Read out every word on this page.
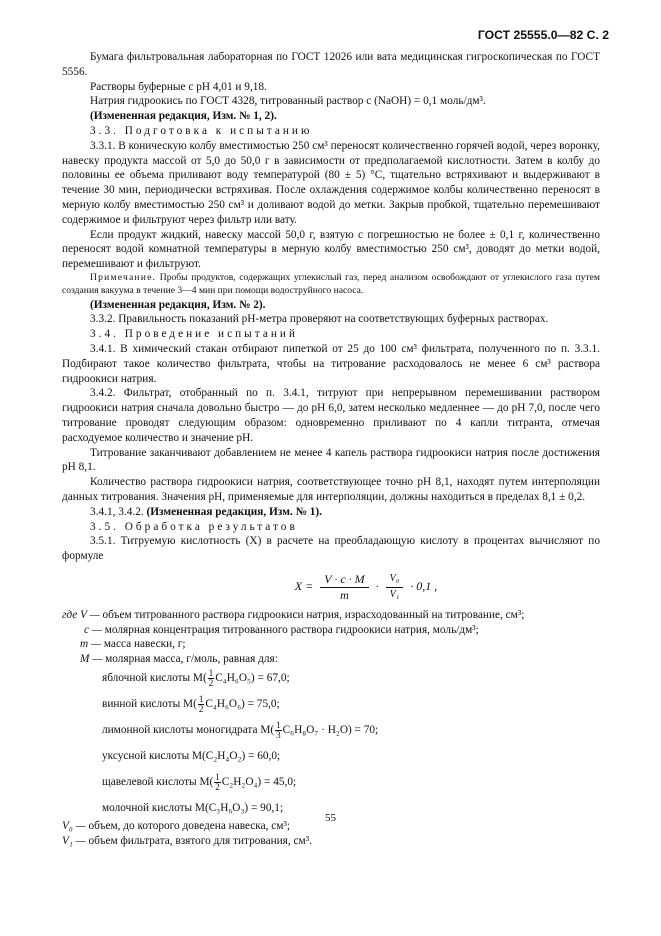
ГОСТ 25555.0—82 С. 2

Бумага фильтровальная лабораторная по ГОСТ 12026 или вата медицинская гигроскопическая по ГОСТ 5556.

Растворы буферные с pH 4,01 и 9,18.

Натрия гидроокись по ГОСТ 4328, титрованный раствор c (NaOH) = 0,1 моль/дм³.

(Измененная редакция, Изм. № 1, 2).

3.3. Подготовка к испытанию

3.3.1. В коническую колбу вместимостью 250 см³ переносят количественно горячей водой, через воронку, навеску продукта массой от 5,0 до 50,0 г в зависимости от предполагаемой кислотности. Затем в колбу до половины ее объема приливают воду температурой (80 ± 5) °C, тщательно встряхивают и выдерживают в течение 30 мин, периодически встряхивая. После охлаждения содержимое колбы количественно переносят в мерную колбу вместимостью 250 см³ и доливают водой до метки. Закрыв пробкой, тщательно перемешивают содержимое и фильтруют через фильтр или вату.

Если продукт жидкий, навеску массой 50,0 г, взятую с погрешностью не более ± 0,1 г, количественно переносят водой комнатной температуры в мерную колбу вместимостью 250 см³, доводят до метки водой, перемешивают и фильтруют.

Примечание. Пробы продуктов, содержащих углекислый газ, перед анализом освобождают от углекислого газа путем создания вакуума в течение 3—4 мин при помощи водоструйного насоса.

(Измененная редакция, Изм. № 2).

3.3.2. Правильность показаний pH-метра проверяют на соответствующих буферных растворах.

3.4. Проведение испытаний

3.4.1. В химический стакан отбирают пипеткой от 25 до 100 см³ фильтрата, полученного по п. 3.3.1. Подбирают такое количество фильтрата, чтобы на титрование расходовалось не менее 6 см³ раствора гидроокиси натрия.

3.4.2. Фильтрат, отобранный по п. 3.4.1, титруют при непрерывном перемешивании раствором гидроокиси натрия сначала довольно быстро — до pH 6,0, затем несколько медленнее — до pH 7,0, после чего титрование проводят следующим образом: одновременно приливают по 4 капли титранта, отмечая расходуемое количество и значение pH.

Титрование заканчивают добавлением не менее 4 капель раствора гидроокиси натрия после достижения pH 8,1.

Количество раствора гидроокиси натрия, соответствующее точно pH 8,1, находят путем интерполяции данных титрования. Значения pH, применяемые для интерполяции, должны находиться в пределах 8,1 ± 0,2.

3.4.1, 3.4.2. (Измененная редакция, Изм. № 1).

3.5. Обработка результатов

3.5.1. Титруемую кислотность (X) в расчете на преобладающую кислоту в процентах вычисляют по формуле

$X = \frac{V \cdot c \cdot M}{m} \cdot \frac{\text{V₀}}{\text{V₁}} \cdot 0,1$ ,

где V — объем титрованного раствора гидроокиси натрия, израсходованный на титрование, см³;

c — молярная концентрация титрованного раствора гидроокиси натрия, моль/дм³;

m — масса навески, г;

M — молярная масса, г/моль, равная для:

яблочной кислоты $M( \frac{1}{2} C_4H_6O_5) = 67,0$;

винной кислоты $M( \frac{1}{2} C_4H_6O_6) = 75,0$;

лимонной кислоты моногидрата $M( \frac{1}{3} C_6H_8O_7 \cdot H_2O) = 70$;

уксусной кислоты M(C₂H₄O₂) = 60,0;

щавелевой кислоты $M( \frac{1}{2} C_2H_2O_4) = 45,0$;

молочной кислоты M(C₃H₆O₃) = 90,1;

V₀ — объем, до которого доведена навеска, см³;

V₁ — объем фильтрата, взятого для титрования, см³.

55
